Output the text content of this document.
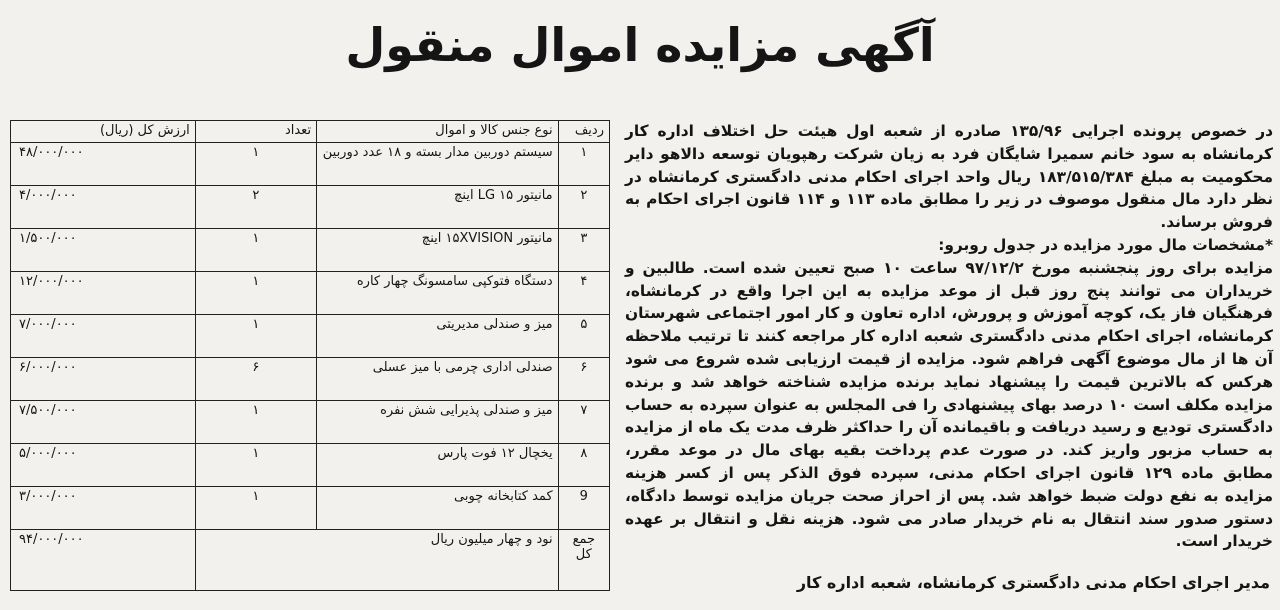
آگهی مزایده اموال منقول

در خصوص پرونده اجرایی ۱۳۵/۹۶ صادره از شعبه اول هیئت حل اختلاف اداره کار کرمانشاه به سود خانم سمیرا شایگان فرد به زیان شرکت رهپویان توسعه دالاهو دایر محکومیت به مبلغ ۱۸۳/۵۱۵/۳۸۴ ریال واحد اجرای احکام مدنی دادگستری کرمانشاه در نظر دارد مال منقول موصوف در زیر را مطابق ماده ۱۱۳ و ۱۱۴ قانون اجرای احکام به فروش برساند.

*مشخصات مال مورد مزایده در جدول روبرو:

مزایده برای روز پنجشنبه مورخ ۹۷/۱۲/۲ ساعت ۱۰ صبح تعیین شده است. طالبین و خریداران می توانند پنج روز قبل از موعد مزایده به این اجرا واقع در کرمانشاه، فرهنگیان فاز یک، کوچه آموزش و پرورش، اداره تعاون و کار امور اجتماعی شهرستان کرمانشاه، اجرای احکام مدنی دادگستری شعبه اداره کار مراجعه کنند تا ترتیب ملاحظه آن ها از مال موضوع آگهی فراهم شود. مزایده از قیمت ارزیابی شده شروع می شود هرکس که بالاترین قیمت را پیشنهاد نماید برنده مزایده شناخته خواهد شد و برنده مزایده مکلف است ۱۰ درصد بهای پیشنهادی را فی المجلس به عنوان سپرده به حساب دادگستری تودیع و رسید دریافت و باقیمانده آن را حداکثر ظرف مدت یک ماه از مزایده به حساب مزبور واریز کند. در صورت عدم پرداخت بقیه بهای مال در موعد مقرر، مطابق ماده ۱۲۹ قانون اجرای احکام مدنی، سپرده فوق الذکر پس از کسر هزینه مزایده به نفع دولت ضبط خواهد شد. پس از احراز صحت جریان مزایده توسط دادگاه، دستور صدور سند انتقال به نام خریدار صادر می شود. هزینه نقل و انتقال بر عهده خریدار است.

مدیر اجرای احکام مدنی دادگستری کرمانشاه، شعبه اداره کار
ردیف	نوع جنس کالا و اموال	تعداد	ارزش کل (ریال)
۱	سیستم دوربین مدار بسته و ۱۸ عدد دوربین	۱	۴۸/۰۰۰/۰۰۰
۲	مانیتور LG ۱۵ اینچ	۲	۴/۰۰۰/۰۰۰
۳	مانیتور ۱۵XVISION اینچ	۱	۱/۵۰۰/۰۰۰
۴	دستگاه فتوکپی سامسونگ چهار کاره	۱	۱۲/۰۰۰/۰۰۰
۵	میز و صندلی مدیریتی	۱	۷/۰۰۰/۰۰۰
۶	صندلی اداری چرمی با میز عسلی	۶	۶/۰۰۰/۰۰۰
۷	میز و صندلی پذیرایی شش نفره	۱	۷/۵۰۰/۰۰۰
۸	یخچال ۱۲ فوت پارس	۱	۵/۰۰۰/۰۰۰
9	کمد کتابخانه چوبی	۱	۳/۰۰۰/۰۰۰
جمع کل	نود و چهار میلیون ریال		۹۴/۰۰۰/۰۰۰
